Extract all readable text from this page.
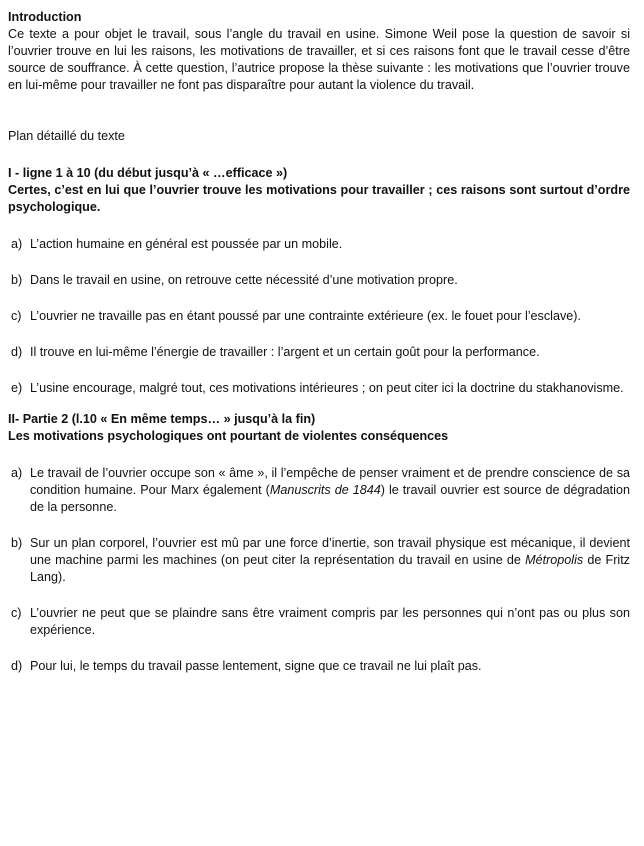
Introduction

Ce texte a pour objet le travail, sous l’angle du travail en usine. Simone Weil pose la question de savoir si l’ouvrier trouve en lui les raisons, les motivations de travailler, et si ces raisons font que le travail cesse d’être source de souffrance. À cette question, l’autrice propose la thèse suivante : les motivations que l’ouvrier trouve en lui-même pour travailler ne font pas disparaître pour autant la violence du travail.

Plan détaillé du texte

I - ligne 1 à 10 (du début jusqu’à « …efficace »)

Certes, c’est en lui que l’ouvrier trouve les motivations pour travailler ; ces raisons sont surtout d’ordre psychologique.

a) L’action humaine en général est poussée par un mobile.
b) Dans le travail en usine, on retrouve cette nécessité d’une motivation propre.
c) L’ouvrier ne travaille pas en étant poussé par une contrainte extérieure (ex. le fouet pour l’esclave).
d) Il trouve en lui-même l’énergie de travailler : l’argent et un certain goût pour la performance.
e) L’usine encourage, malgré tout, ces motivations intérieures ; on peut citer ici la doctrine du stakhanovisme.

II- Partie 2 (l.10 « En même temps… » jusqu’à la fin)

Les motivations psychologiques ont pourtant de violentes conséquences

a) Le travail de l’ouvrier occupe son « âme », il l’empêche de penser vraiment et de prendre conscience de sa condition humaine. Pour Marx également (Manuscrits de 1844) le travail ouvrier est source de dégradation de la personne.
b) Sur un plan corporel, l’ouvrier est mû par une force d’inertie, son travail physique est mécanique, il devient une machine parmi les machines (on peut citer la représentation du travail en usine de Métropolis de Fritz Lang).
c) L’ouvrier ne peut que se plaindre sans être vraiment compris par les personnes qui n’ont pas ou plus son expérience.
d) Pour lui, le temps du travail passe lentement, signe que ce travail ne lui plaît pas.
